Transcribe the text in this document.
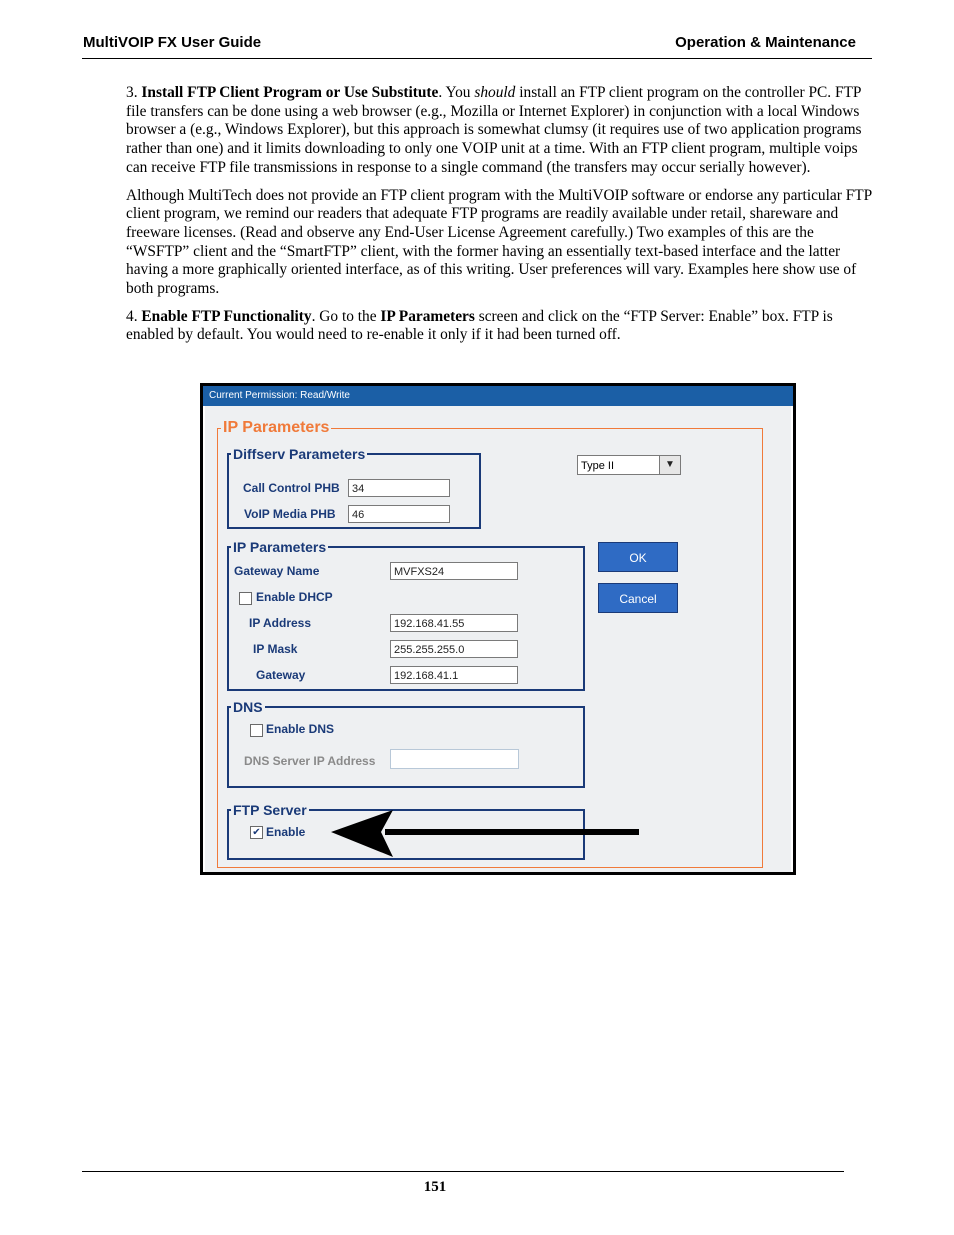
MultiVOIP FX User Guide	Operation & Maintenance

3. Install FTP Client Program or Use Substitute. You should install an FTP client program on the controller PC. FTP file transfers can be done using a web browser (e.g., Mozilla or Internet Explorer) in conjunction with a local Windows browser a (e.g., Windows Explorer), but this approach is somewhat clumsy (it requires use of two application programs rather than one) and it limits downloading to only one VOIP unit at a time. With an FTP client program, multiple voips can receive FTP file transmissions in response to a single command (the transfers may occur serially however).

Although MultiTech does not provide an FTP client program with the MultiVOIP software or endorse any particular FTP client program, we remind our readers that adequate FTP programs are readily available under retail, shareware and freeware licenses. (Read and observe any End-User License Agreement carefully.) Two examples of this are the “WSFTP” client and the “SmartFTP” client, with the former having an essentially text-based interface and the latter having a more graphically oriented interface, as of this writing. User preferences will vary. Examples here show use of both programs.

4. Enable FTP Functionality. Go to the IP Parameters screen and click on the “FTP Server: Enable” box. FTP is enabled by default. You would need to re-enable it only if it had been turned off.

Current Permission: Read/Write
IP Parameters
Diffserv Parameters
Call Control PHB	34
VoIP Media PHB	46
Type II	▼
IP Parameters
Gateway Name	MVFXS24
Enable DHCP
IP Address	192.168.41.55
IP Mask	255.255.255.0
Gateway	192.168.41.1
OK
Cancel
DNS
Enable DNS
DNS Server IP Address
FTP Server
✔ Enable
151
